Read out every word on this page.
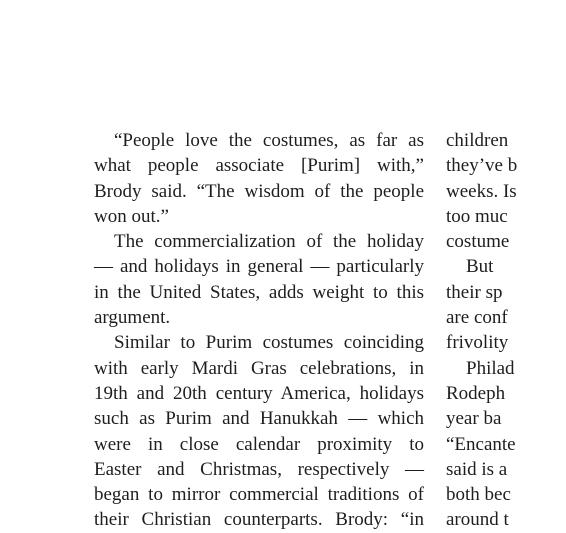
“People love the costumes, as far as
what people associate [Purim] with,”
Brody said. “The wisdom of the people
won out.”
The commercialization of the holiday
— and holidays in general — particularly
in the United States, adds weight to this
argument.
Similar to Purim costumes coinciding
with early Mardi Gras celebrations, in
19th and 20th century America, holidays
such as Purim and Hanukkah — which
were in close calendar proximity to
Easter and Christmas, respectively —
began to mirror commercial traditions of
their Christian counterparts. Brody: “in
children
they’ve b
weeks. Is
too muc
costume
But
their sp
are conf
frivolity
Philad
Rodeph
year ba
“Encante
said is a
both bec
around t
